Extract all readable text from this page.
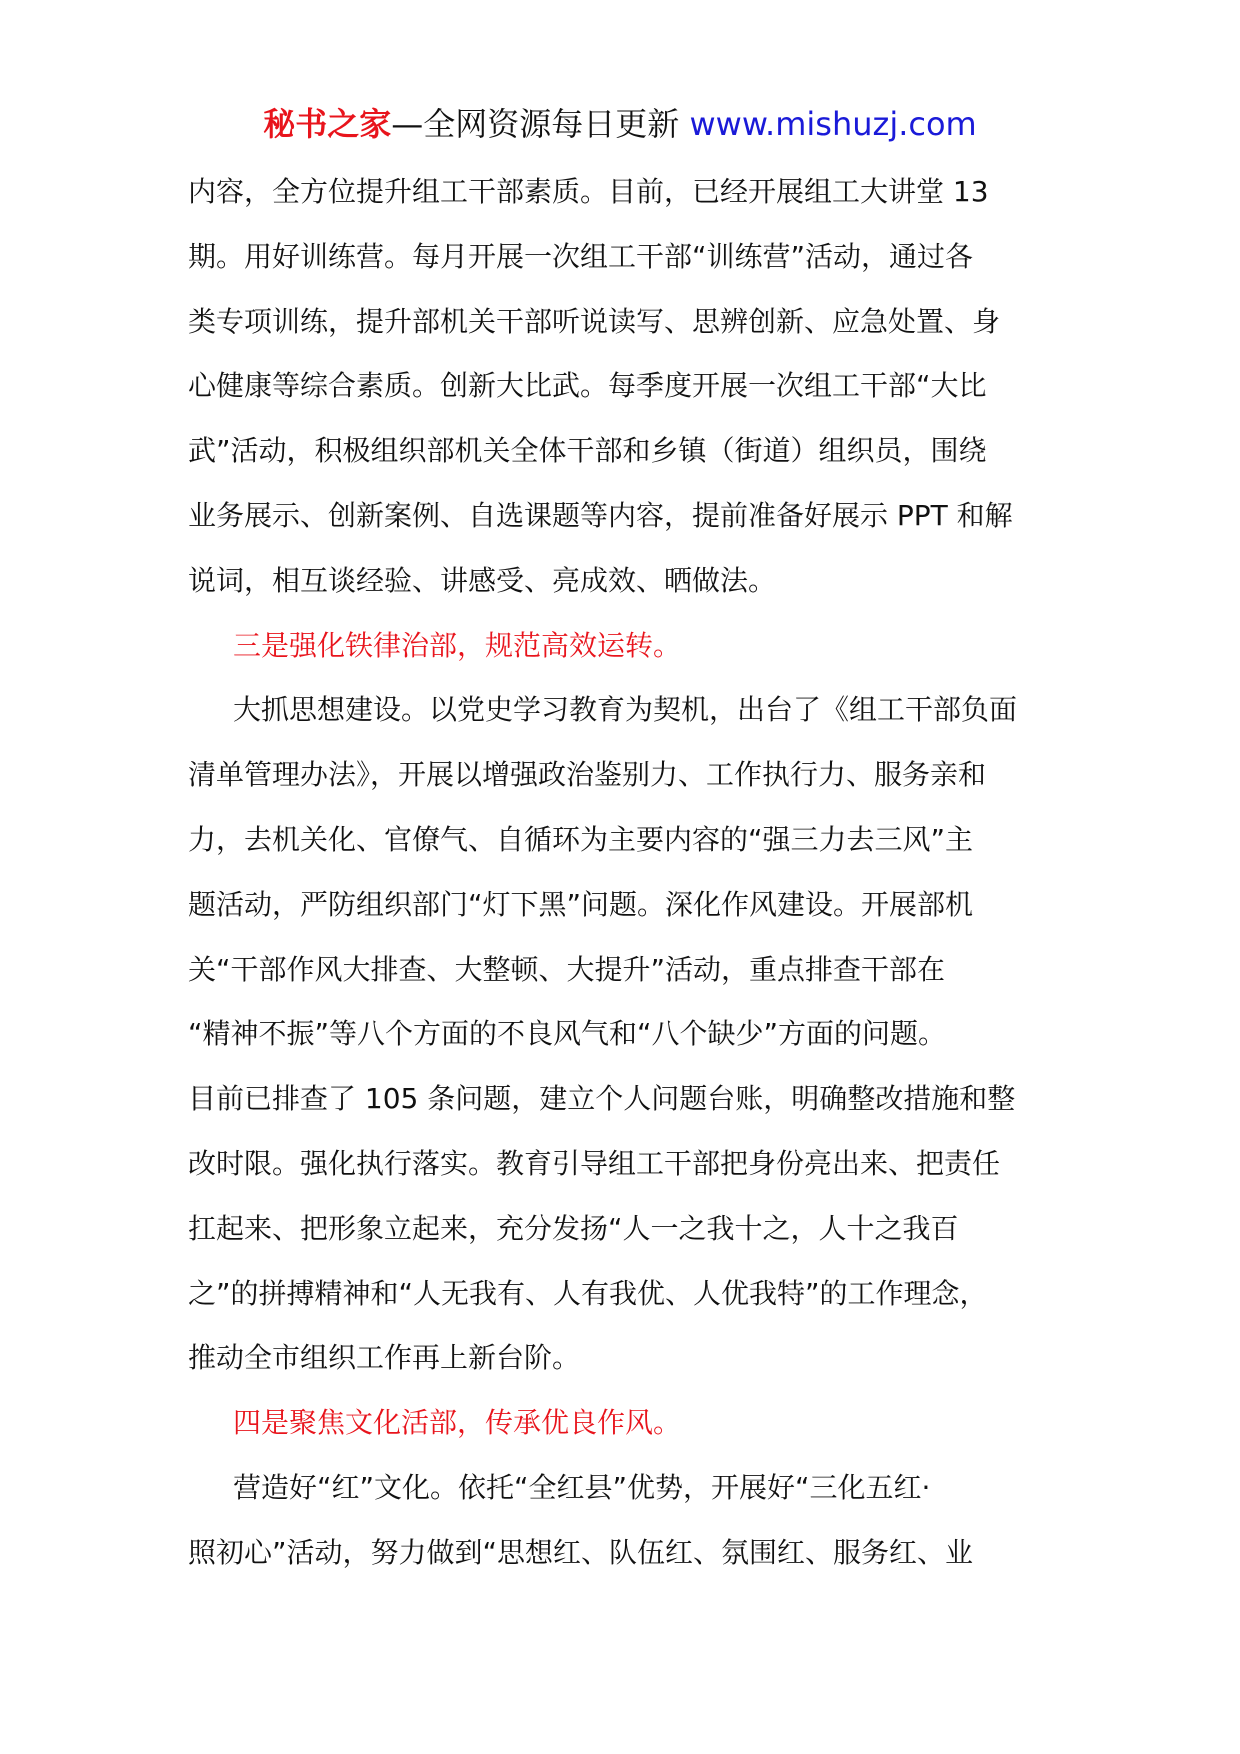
秘书之家—全网资源每日更新 www.mishuzj.com
内容，全方位提升组工干部素质。目前，已经开展组工大讲堂 13
期。用好训练营。每月开展一次组工干部“训练营”活动，通过各
类专项训练，提升部机关干部听说读写、思辨创新、应急处置、身
心健康等综合素质。创新大比武。每季度开展一次组工干部“大比
武”活动，积极组织部机关全体干部和乡镇（街道）组织员，围绕
业务展示、创新案例、自选课题等内容，提前准备好展示 PPT 和解
说词，相互谈经验、讲感受、亮成效、晒做法。
三是强化铁律治部，规范高效运转。
大抓思想建设。以党史学习教育为契机，出台了《组工干部负面
清单管理办法》，开展以增强政治鉴别力、工作执行力、服务亲和
力，去机关化、官僚气、自循环为主要内容的“强三力去三风”主
题活动，严防组织部门“灯下黑”问题。深化作风建设。开展部机
关“干部作风大排查、大整顿、大提升”活动，重点排查干部在
“精神不振”等八个方面的不良风气和“八个缺少”方面的问题。
目前已排查了 105 条问题，建立个人问题台账，明确整改措施和整
改时限。强化执行落实。教育引导组工干部把身份亮出来、把责任
扛起来、把形象立起来，充分发扬“人一之我十之，人十之我百
之”的拼搏精神和“人无我有、人有我优、人优我特”的工作理念，
推动全市组织工作再上新台阶。
四是聚焦文化活部，传承优良作风。
营造好“红”文化。依托“全红县”优势，开展好“三化五红·
照初心”活动，努力做到“思想红、队伍红、氛围红、服务红、业
